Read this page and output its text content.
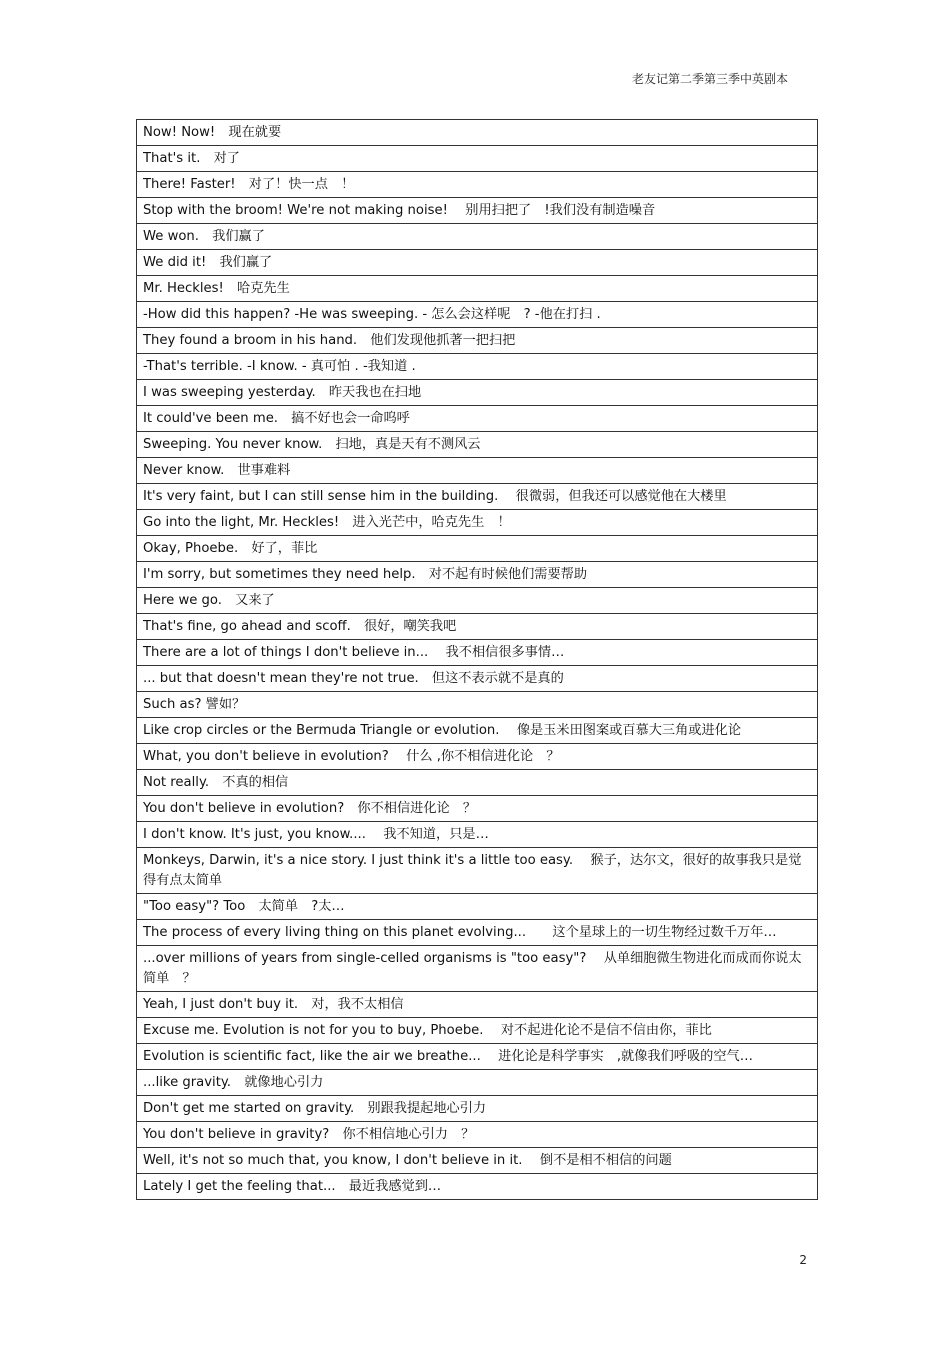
老友记第二季第三季中英剧本
Now! Now!　现在就要
That's it.　对了
There! Faster!　对了！快一点　！
Stop with the broom! We're not making noise!　 别用扫把了　!我们没有制造噪音
We won.　我们赢了
We did it!　我们赢了
Mr. Heckles!　哈克先生
-How did this happen? -He was sweeping. - 怎么会这样呢　? -他在打扫 .
They found a broom in his hand.　他们发现他抓著一把扫把
-That's terrible. -I know. - 真可怕 . -我知道 .
I was sweeping yesterday.　昨天我也在扫地
It could've been me.　搞不好也会一命呜呼
Sweeping. You never know.　扫地，真是天有不测风云
Never know.　世事难料
It's very faint, but I can still sense him in the building.　 很微弱，但我还可以感觉他在大楼里
Go into the light, Mr. Heckles!　进入光芒中，哈克先生　！
Okay, Phoebe.　好了，菲比
I'm sorry, but sometimes they need help.　对不起有时候他们需要帮助
Here we go.　又来了
That's fine, go ahead and scoff.　很好，嘲笑我吧
There are a lot of things I don't believe in...　 我不相信很多事情…
... but that doesn't mean they're not true.　但这不表示就不是真的
Such as? 譬如？
Like crop circles or the Bermuda Triangle or evolution.　 像是玉米田图案或百慕大三角或进化论
What, you don't believe in evolution?　 什么 ,你不相信进化论　？
Not really.　不真的相信
You don't believe in evolution?　你不相信进化论　？
I don't know. It's just, you know....　 我不知道，只是…
Monkeys, Darwin, it's a nice story. I just think it's a little too easy.　 猴子，达尔文，很好的故事我只是觉得有点太简单
"Too easy"? Too　太简单　?太…
The process of every living thing on this planet evolving...　　这个星球上的一切生物经过数千万年…
...over millions of years from single-celled organisms is "too easy"?　 从单细胞微生物进化而成而你说太简单　？
Yeah, I just don't buy it.　对，我不太相信
Excuse me. Evolution is not for you to buy, Phoebe.　 对不起进化论不是信不信由你，菲比
Evolution is scientific fact, like the air we breathe...　 进化论是科学事实　,就像我们呼吸的空气…
...like gravity.　就像地心引力
Don't get me started on gravity.　别跟我提起地心引力
You don't believe in gravity?　你不相信地心引力　？
Well, it's not so much that, you know, I don't believe in it.　 倒不是相不相信的问题
Lately I get the feeling that...　最近我感觉到…
2
